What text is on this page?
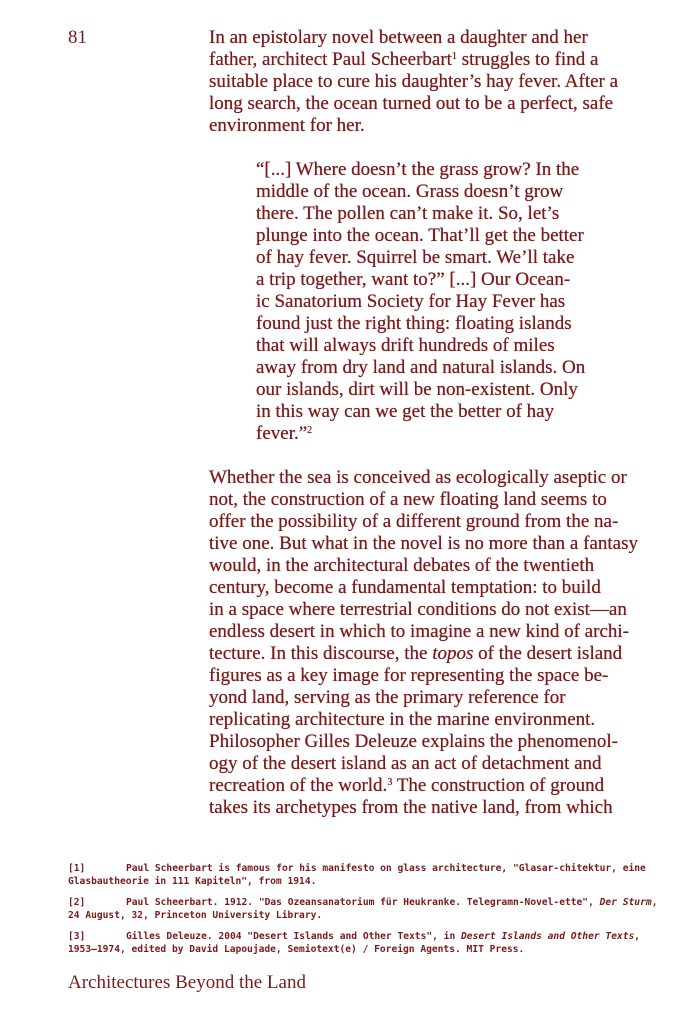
81	In an epistolary novel between a daughter and her
father, architect Paul Scheerbart$^1$ struggles to find a
suitable place to cure his daughter’s hay fever. After a
long search, the ocean turned out to be a perfect, safe
environment for her.
“[...] Where doesn’t the grass grow? In the
middle of the ocean. Grass doesn’t grow
there. The pollen can’t make it. So, let’s
plunge into the ocean. That’ll get the better
of hay fever. Squirrel be smart. We’ll take
a trip together, want to?” [...] Our Ocean-
ic Sanatorium Society for Hay Fever has
found just the right thing: floating islands
that will always drift hundreds of miles
away from dry land and natural islands. On
our islands, dirt will be non-existent. Only
in this way can we get the better of hay
fever.”$^2$
Whether the sea is conceived as ecologically aseptic or
not, the construction of a new floating land seems to
offer the possibility of a different ground from the na-
tive one. But what in the novel is no more than a fantasy
would, in the architectural debates of the twentieth
century, become a fundamental temptation: to build
in a space where terrestrial conditions do not exist—an
endless desert in which to imagine a new kind of archi-
tecture. In this discourse, the topos of the desert island
figures as a key image for representing the space be-
yond land, serving as the primary reference for
replicating architecture in the marine environment.
Philosopher Gilles Deleuze explains the phenomenol-
ogy of the desert island as an act of detachment and
recreation of the world.$^3$ The construction of ground
takes its archetypes from the native land, from which
[1]	Paul Scheerbart is famous for his manifesto on glass architecture, "Glasar-chitektur, eine Glasbautheorie in 111 Kapiteln", from 1914.
[2]	Paul Scheerbart. 1912. "Das Ozeansanatorium für Heukranke. Telegramn-Novel-ette", Der Sturm, 24 August, 32, Princeton University Library.
[3]	Gilles Deleuze. 2004 "Desert Islands and Other Texts", in Desert Islands and Other Texts, 1953–1974, edited by David Lapoujade, Semiotext(e) / Foreign Agents. MIT Press.
Architectures Beyond the Land
